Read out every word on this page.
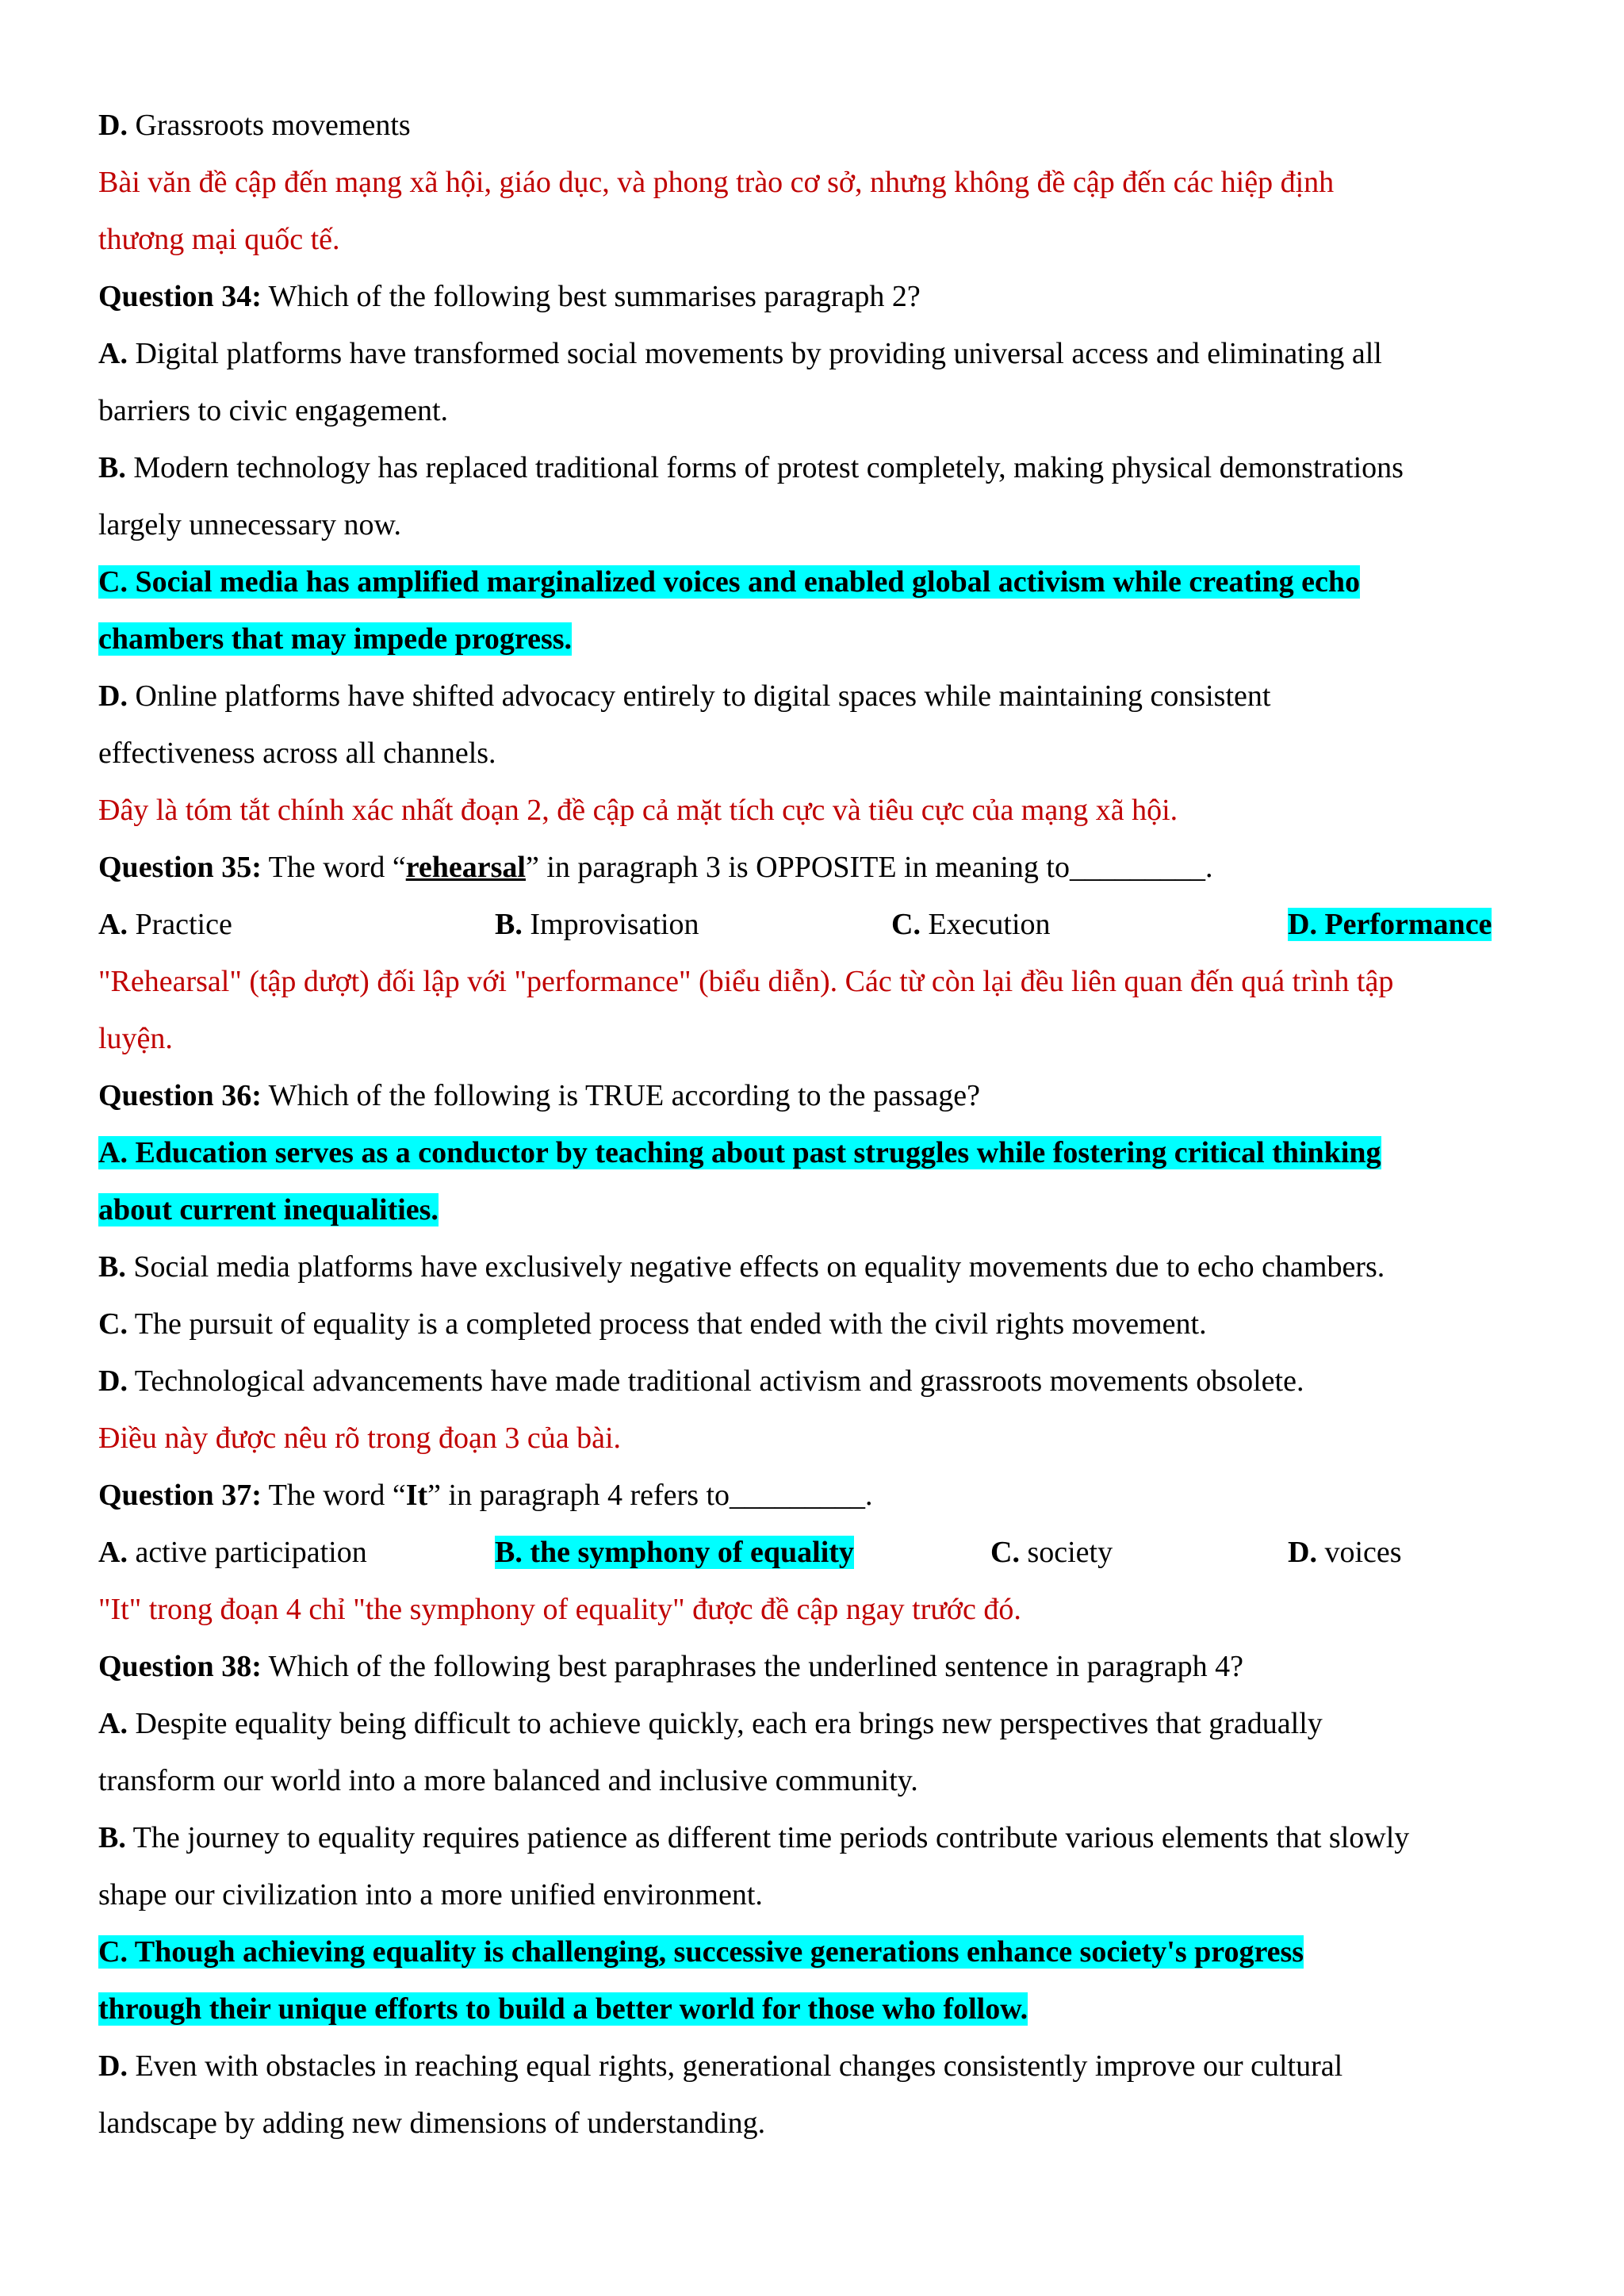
D. Grassroots movements
Bài văn đề cập đến mạng xã hội, giáo dục, và phong trào cơ sở, nhưng không đề cập đến các hiệp định
thương mại quốc tế.
Question 34: Which of the following best summarises paragraph 2?
A. Digital platforms have transformed social movements by providing universal access and eliminating all
barriers to civic engagement.
B. Modern technology has replaced traditional forms of protest completely, making physical demonstrations
largely unnecessary now.
C. Social media has amplified marginalized voices and enabled global activism while creating echo
chambers that may impede progress.
D. Online platforms have shifted advocacy entirely to digital spaces while maintaining consistent
effectiveness across all channels.
Đây là tóm tắt chính xác nhất đoạn 2, đề cập cả mặt tích cực và tiêu cực của mạng xã hội.
Question 35: The word “rehearsal” in paragraph 3 is OPPOSITE in meaning to_________.
A. Practice	B. Improvisation	C. Execution	D. Performance
"Rehearsal" (tập dượt) đối lập với "performance" (biểu diễn). Các từ còn lại đều liên quan đến quá trình tập
luyện.
Question 36: Which of the following is TRUE according to the passage?
A. Education serves as a conductor by teaching about past struggles while fostering critical thinking
about current inequalities.
B. Social media platforms have exclusively negative effects on equality movements due to echo chambers.
C. The pursuit of equality is a completed process that ended with the civil rights movement.
D. Technological advancements have made traditional activism and grassroots movements obsolete.
Điều này được nêu rõ trong đoạn 3 của bài.
Question 37: The word “It” in paragraph 4 refers to_________.
A. active participation	B. the symphony of equality	C. society	D. voices
"It" trong đoạn 4 chỉ "the symphony of equality" được đề cập ngay trước đó.
Question 38: Which of the following best paraphrases the underlined sentence in paragraph 4?
A. Despite equality being difficult to achieve quickly, each era brings new perspectives that gradually
transform our world into a more balanced and inclusive community.
B. The journey to equality requires patience as different time periods contribute various elements that slowly
shape our civilization into a more unified environment.
C. Though achieving equality is challenging, successive generations enhance society's progress
through their unique efforts to build a better world for those who follow.
D. Even with obstacles in reaching equal rights, generational changes consistently improve our cultural
landscape by adding new dimensions of understanding.
